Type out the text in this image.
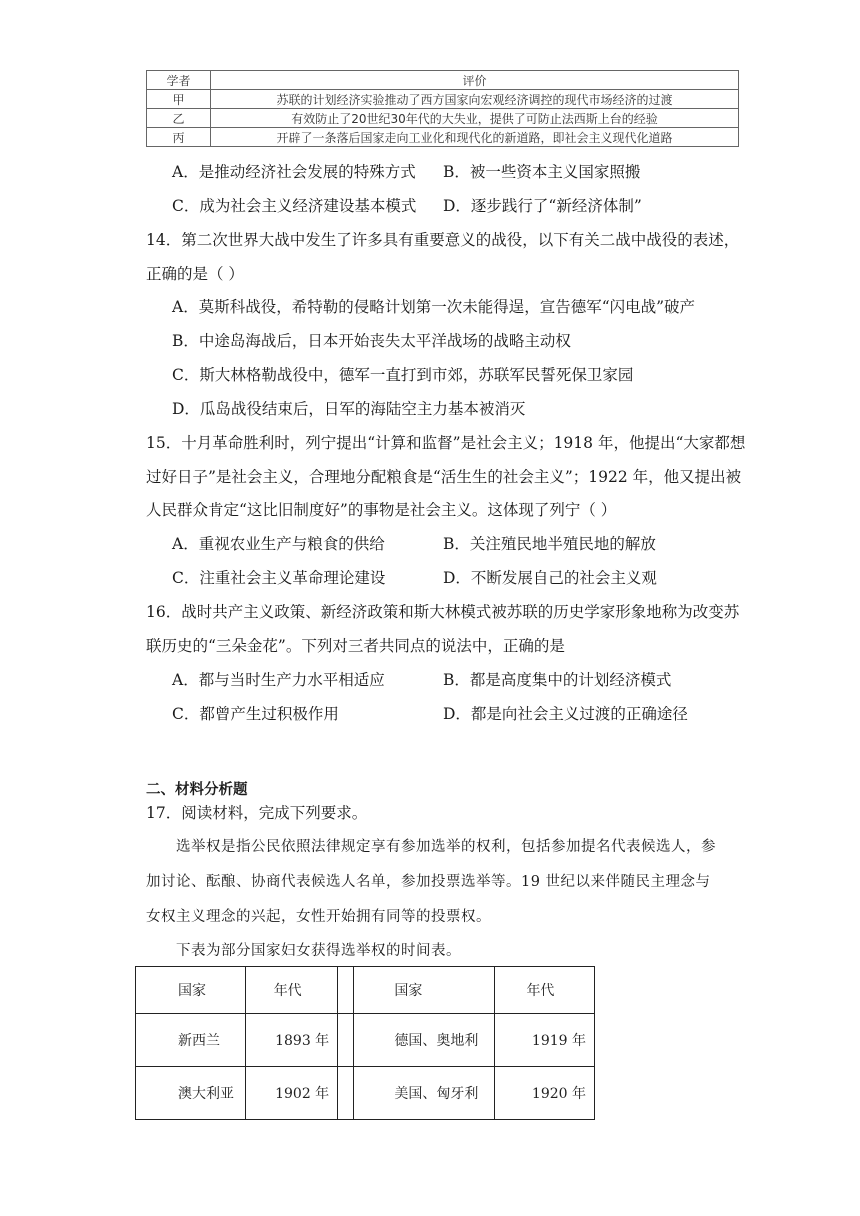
学者	评价
甲	苏联的计划经济实验推动了西方国家向宏观经济调控的现代市场经济的过渡
乙	有效防止了20世纪30年代的大失业，提供了可防止法西斯上台的经验
丙	开辟了一条落后国家走向工业化和现代化的新道路，即社会主义现代化道路
A．是推动经济社会发展的特殊方式 B．被一些资本主义国家照搬
C．成为社会主义经济建设基本模式 D．逐步践行了“新经济体制”
14．第二次世界大战中发生了许多具有重要意义的战役，以下有关二战中战役的表述，
正确的是（ ）
A．莫斯科战役，希特勒的侵略计划第一次未能得逞，宣告德军“闪电战”破产
B．中途岛海战后，日本开始丧失太平洋战场的战略主动权
C．斯大林格勒战役中，德军一直打到市郊，苏联军民誓死保卫家园
D．瓜岛战役结束后，日军的海陆空主力基本被消灭
15．十月革命胜利时，列宁提出“计算和监督”是社会主义；1918 年，他提出“大家都想
过好日子”是社会主义，合理地分配粮食是“活生生的社会主义”；1922 年，他又提出被
人民群众肯定“这比旧制度好”的事物是社会主义。这体现了列宁（ ）
A．重视农业生产与粮食的供给	B．关注殖民地半殖民地的解放
C．注重社会主义革命理论建设	D．不断发展自己的社会主义观
16．战时共产主义政策、新经济政策和斯大林模式被苏联的历史学家形象地称为改变苏
联历史的“三朵金花”。下列对三者共同点的说法中，正确的是
A．都与当时生产力水平相适应	B．都是高度集中的计划经济模式
C．都曾产生过积极作用	D．都是向社会主义过渡的正确途径
二、材料分析题
17．阅读材料，完成下列要求。
选举权是指公民依照法律规定享有参加选举的权利，包括参加提名代表候选人，参
加讨论、酝酿、协商代表候选人名单，参加投票选举等。19 世纪以来伴随民主理念与
女权主义理念的兴起，女性开始拥有同等的投票权。
下表为部分国家妇女获得选举权的时间表。
国家	年代		国家	年代
新西兰	1893 年		德国、奥地利	1919 年
澳大利亚	1902 年		美国、匈牙利	1920 年
